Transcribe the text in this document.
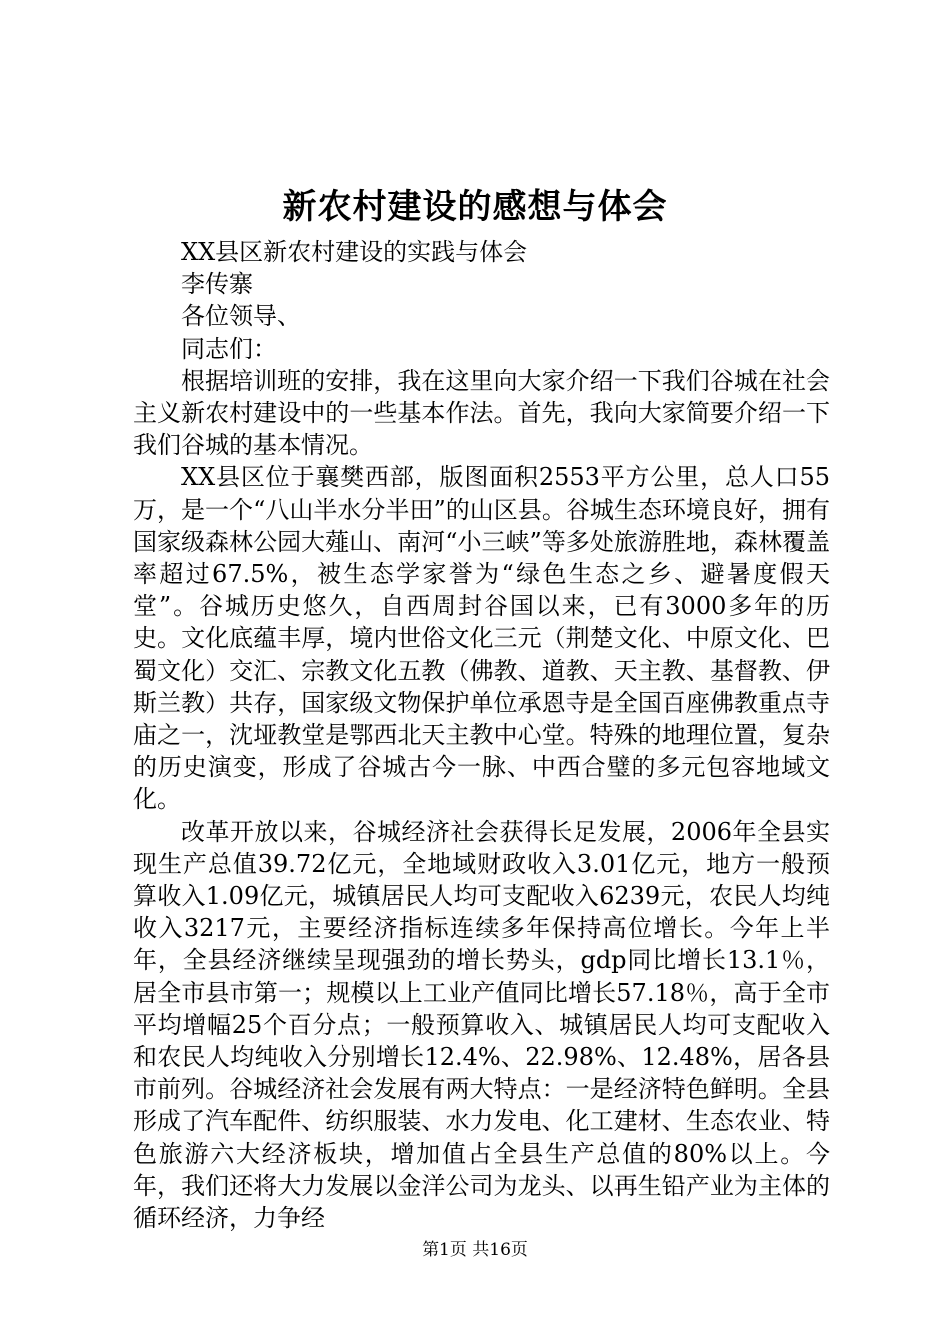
新农村建设的感想与体会

XX县区新农村建设的实践与体会

李传寨

各位领导、

同志们：

根据培训班的安排，我在这里向大家介绍一下我们谷城在社会主义新农村建设中的一些基本作法。首先，我向大家简要介绍一下我们谷城的基本情况。

XX县区位于襄樊西部，版图面积2553平方公里，总人口55万，是一个“八山半水分半田”的山区县。谷城生态环境良好，拥有国家级森林公园大薤山、南河“小三峡”等多处旅游胜地，森林覆盖率超过67.5%，被生态学家誉为“绿色生态之乡、避暑度假天堂”。谷城历史悠久，自西周封谷国以来，已有3000多年的历史。文化底蕴丰厚，境内世俗文化三元（荆楚文化、中原文化、巴蜀文化）交汇、宗教文化五教（佛教、道教、天主教、基督教、伊斯兰教）共存，国家级文物保护单位承恩寺是全国百座佛教重点寺庙之一，沈垭教堂是鄂西北天主教中心堂。特殊的地理位置，复杂的历史演变，形成了谷城古今一脉、中西合璧的多元包容地域文化。

改革开放以来，谷城经济社会获得长足发展，2006年全县实现生产总值39.72亿元，全地域财政收入3.01亿元，地方一般预算收入1.09亿元，城镇居民人均可支配收入6239元，农民人均纯收入3217元，主要经济指标连续多年保持高位增长。今年上半年，全县经济继续呈现强劲的增长势头，gdp同比增长13.1％，居全市县市第一；规模以上工业产值同比增长57.18％，高于全市平均增幅25个百分点；一般预算收入、城镇居民人均可支配收入和农民人均纯收入分别增长12.4%、22.98%、12.48%，居各县市前列。谷城经济社会发展有两大特点：一是经济特色鲜明。全县形成了汽车配件、纺织服装、水力发电、化工建材、生态农业、特色旅游六大经济板块，增加值占全县生产总值的80%以上。今年，我们还将大力发展以金洋公司为龙头、以再生铅产业为主体的循环经济，力争经

第1页 共16页
